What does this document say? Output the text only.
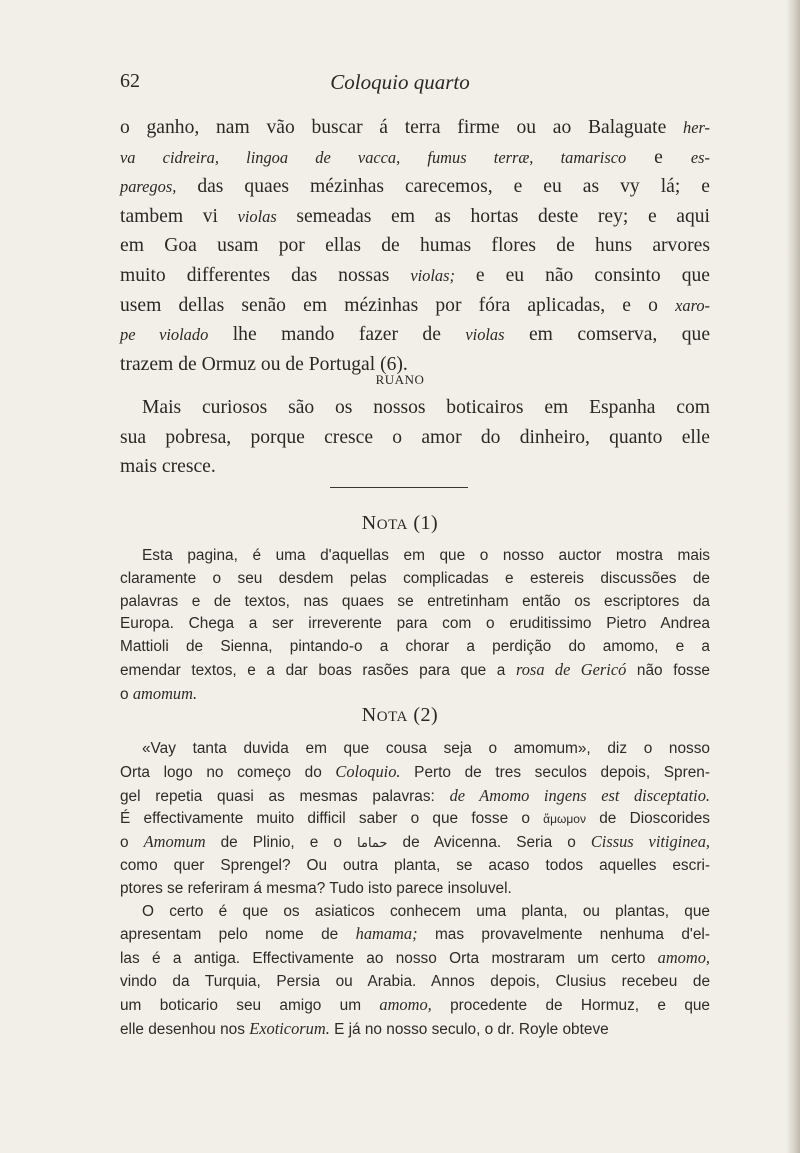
62	Coloquio quarto
o ganho, nam vão buscar á terra firme ou ao Balaguate her-
va cidreira, lingoa de vacca, fumus terræ, tamarisco e es-
paregos, das quaes mézinhas carecemos, e eu as vy lá; e
tambem vi violas semeadas em as hortas deste rey; e aqui
em Goa usam por ellas de humas flores de huns arvores
muito differentes das nossas violas; e eu não consinto que
usem dellas senão em mézinhas por fóra aplicadas, e o xaro-
pe violado lhe mando fazer de violas em comserva, que
trazem de Ormuz ou de Portugal (6).
RUANO
Mais curiosos são os nossos boticairos em Espanha com
sua pobresa, porque cresce o amor do dinheiro, quanto elle
mais cresce.
NOTA (1)
Esta pagina, é uma d'aquellas em que o nosso auctor mostra mais
claramente o seu desdem pelas complicadas e estereis discussões de
palavras e de textos, nas quaes se entretinham então os escriptores da
Europa. Chega a ser irreverente para com o eruditissimo Pietro Andrea
Mattioli de Sienna, pintando-o a chorar a perdição do amomo, e a
emendar textos, e a dar boas rasões para que a rosa de Gericó não fosse
o amomum.
NOTA (2)
«Vay tanta duvida em que cousa seja o amomum», diz o nosso
Orta logo no começo do Coloquio. Perto de tres seculos depois, Spren-
gel repetia quasi as mesmas palavras: de Amomo ingens est disceptatio.
É effectivamente muito difficil saber o que fosse o ἄμωμον de Dioscorides
o Amomum de Plinio, e o حماما de Avicenna. Seria o Cissus vitiginea,
como quer Sprengel? Ou outra planta, se acaso todos aquelles escri-
ptores se referiram á mesma? Tudo isto parece insoluvel.
O certo é que os asiaticos conhecem uma planta, ou plantas, que
apresentam pelo nome de hamama; mas provavelmente nenhuma d'el-
las é a antiga. Effectivamente ao nosso Orta mostraram um certo amomo,
vindo da Turquia, Persia ou Arabia. Annos depois, Clusius recebeu de
um boticario seu amigo um amomo, procedente de Hormuz, e que
elle desenhou nos Exoticorum. E já no nosso seculo, o dr. Royle obteve
